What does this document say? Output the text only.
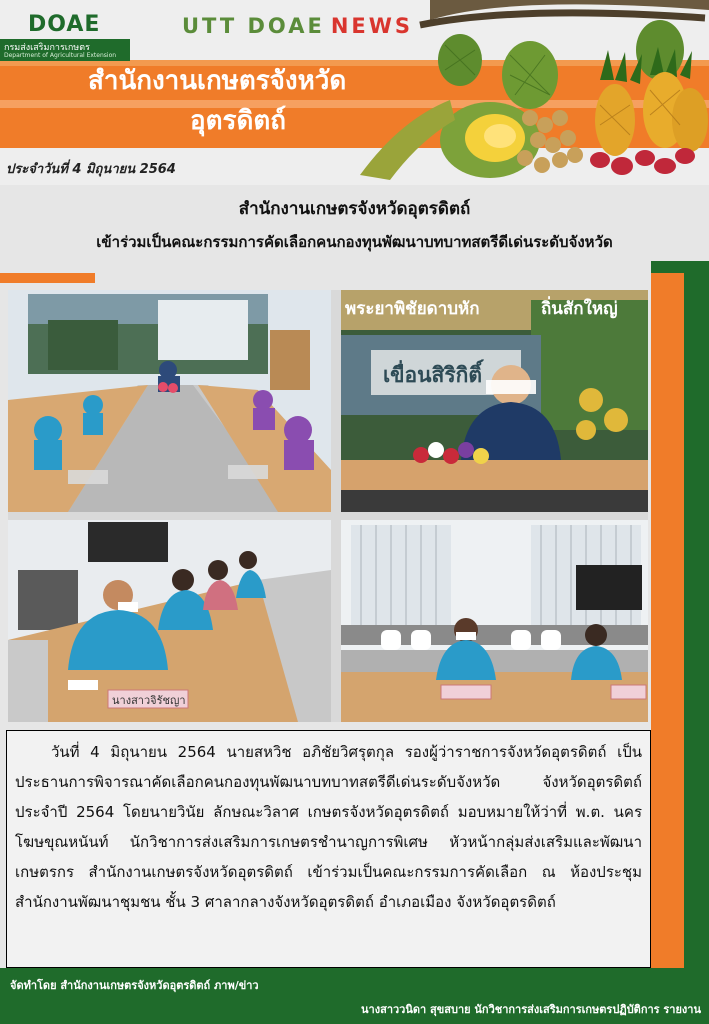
DOAE
กรมส่งเสริมการเกษตร
Department of Agricultural Extension
UTT DOAE NEWS
สำนักงานเกษตรจังหวัด
อุตรดิตถ์
ประจำวันที่ 4 มิถุนายน 2564
สำนักงานเกษตรจังหวัดอุตรดิตถ์
เข้าร่วมเป็นคณะกรรมการคัดเลือกคนกองทุนพัฒนาบทบาทสตรีดีเด่นระดับจังหวัด
พระยาพิชัยดาบหัก	ถิ่นสักใหญ่
เขื่อนสิริกิติ์
นางสาวจิรัชญา

วันที่ 4 มิถุนายน 2564 นายสหวิช อภิชัยวิศรุตกุล รองผู้ว่าราชการจังหวัดอุตรดิตถ์ เป็นประธานการพิจารณาคัดเลือกคนกองทุนพัฒนาบทบาทสตรีดีเด่นระดับจังหวัด จังหวัดอุตรดิตถ์ ประจำปี 2564 โดยนายวินัย ลักษณะวิลาศ เกษตรจังหวัดอุตรดิตถ์ มอบหมายให้ว่าที่ พ.ต. นคร โฆษขุณหนันท์ นักวิชาการส่งเสริมการเกษตรชำนาญการพิเศษ หัวหน้ากลุ่มส่งเสริมและพัฒนาเกษตรกร สำนักงานเกษตรจังหวัดอุตรดิตถ์ เข้าร่วมเป็นคณะกรรมการคัดเลือก ณ ห้องประชุมสำนักงานพัฒนาชุมชน ชั้น 3 ศาลากลางจังหวัดอุตรดิตถ์ อำเภอเมือง จังหวัดอุตรดิตถ์

จัดทำโดย สำนักงานเกษตรจังหวัดอุตรดิตถ์ ภาพ/ข่าว
นางสาววนิดา สุขสบาย นักวิชาการส่งเสริมการเกษตรปฏิบัติการ รายงาน
